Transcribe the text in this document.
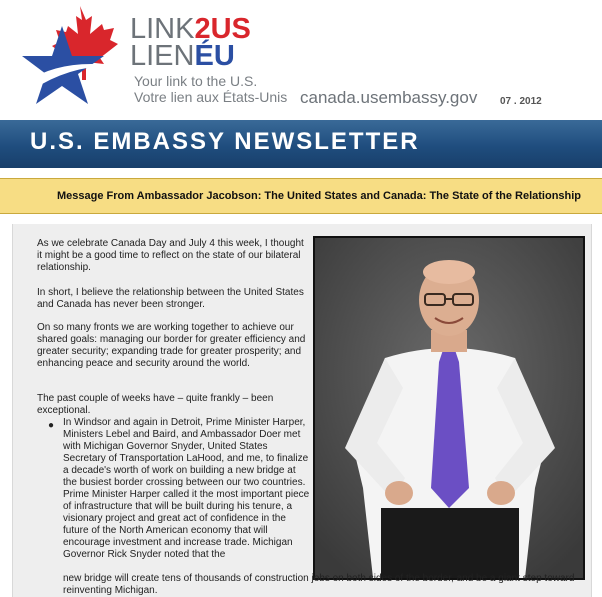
LINK2US
LIENÉU
Your link to the U.S.
Votre lien aux États-Unis canada.usembassy.gov 07 . 2012
U.S. EMBASSY NEWSLETTER
Message From Ambassador Jacobson: The United States and Canada: The State of the Relationship

As we celebrate Canada Day and July 4 this week, I thought it might be a good time to reflect on the state of our bilateral relationship.

In short, I believe the relationship between the United States and Canada has never been stronger.

On so many fronts we are working together to achieve our shared goals: managing our border for greater efficiency and greater security; expanding trade for greater prosperity; and enhancing peace and security around the world.

The past couple of weeks have – quite frankly – been exceptional.

● In Windsor and again in Detroit, Prime Minister Harper, Ministers Lebel and Baird, and Ambassador Doer met with Michigan Governor Snyder, United States Secretary of Transportation LaHood, and me, to finalize a decade's worth of work on building a new bridge at the busiest border crossing between our two countries. Prime Minister Harper called it the most important piece of infrastructure that will be built during his tenure, a visionary project and great act of confidence in the future of the North American economy that will encourage investment and increase trade. Michigan Governor Rick Snyder noted that the

new bridge will create tens of thousands of construction jobs on both sides of the border, and be a giant step toward reinventing Michigan.
